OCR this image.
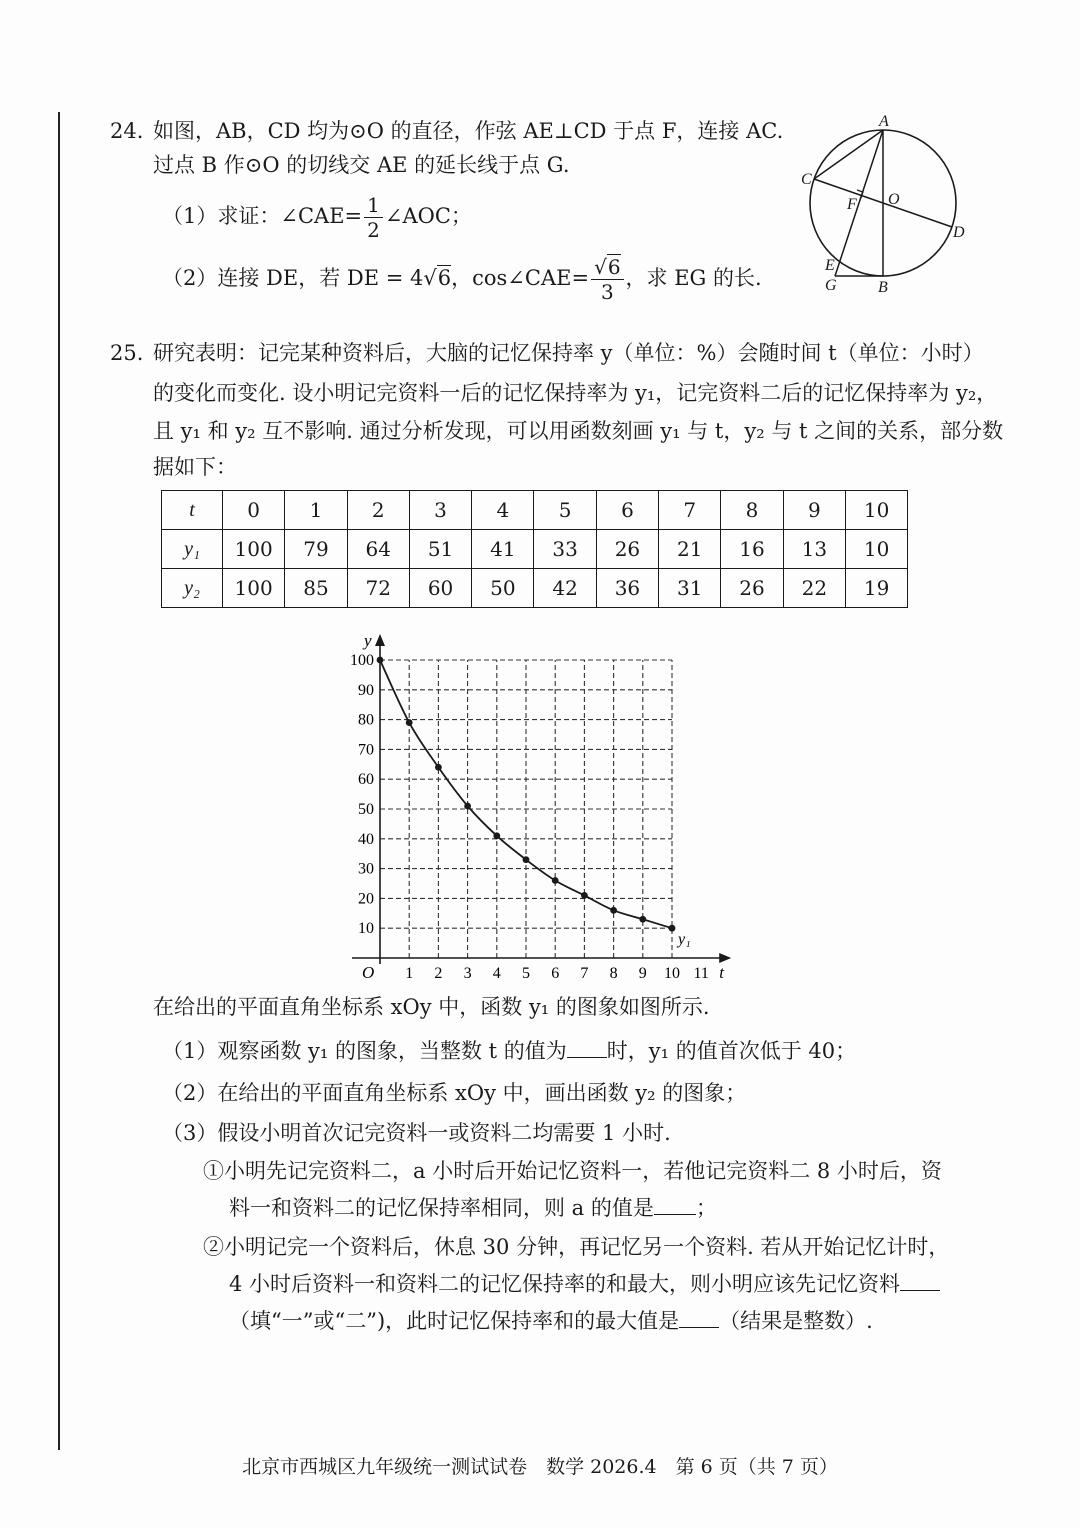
24. 如图，AB，CD 均为⊙O 的直径，作弦 AE⊥CD 于点 F，连接 AC.
过点 B 作⊙O 的切线交 AE 的延长线于点 G.
（1）求证：∠CAE= $\frac{1}{2}$ ∠AOC；
（2）连接 DE，若 DE = 4√6，cos∠CAE= $\frac{√6}{3}$ ，求 EG 的长.
A
C
F O
D
E
G	B
25. 研究表明：记完某种资料后，大脑的记忆保持率 y（单位：%）会随时间 t（单位：小时）
的变化而变化. 设小明记完资料一后的记忆保持率为 y₁，记完资料二后的记忆保持率为 y₂，
且 y₁ 和 y₂ 互不影响. 通过分析发现，可以用函数刻画 y₁ 与 t，y₂ 与 t 之间的关系，部分数
据如下：
t	0	1	2	3	4	5	6	7	8	9	10
y₁	100	79	64	51	41	33	26	21	16	13	10
y₂	100	85	72	60	50	42	36	31	26	22	19
y
t
O 1 2 3 4 5 6 7 8 9 10 11
10
20
30
40
50
60
70
80
90
100
y₁
在给出的平面直角坐标系 xOy 中，函数 y₁ 的图象如图所示.
（1）观察函数 y₁ 的图象，当整数 t 的值为 时，y₁ 的值首次低于 40；
（2）在给出的平面直角坐标系 xOy 中，画出函数 y₂ 的图象；
（3）假设小明首次记完资料一或资料二均需要 1 小时.
①小明先记完资料二，a 小时后开始记忆资料一，若他记完资料二 8 小时后，资
料一和资料二的记忆保持率相同，则 a 的值是 ；
②小明记完一个资料后，休息 30 分钟，再记忆另一个资料. 若从开始记忆计时，
4 小时后资料一和资料二的记忆保持率的和最大，则小明应该先记忆资料
（填“一”或“二”)，此时记忆保持率和的最大值是 （结果是整数）.
北京市西城区九年级统一测试试卷　数学 2026.4　第 6 页（共 7 页）
